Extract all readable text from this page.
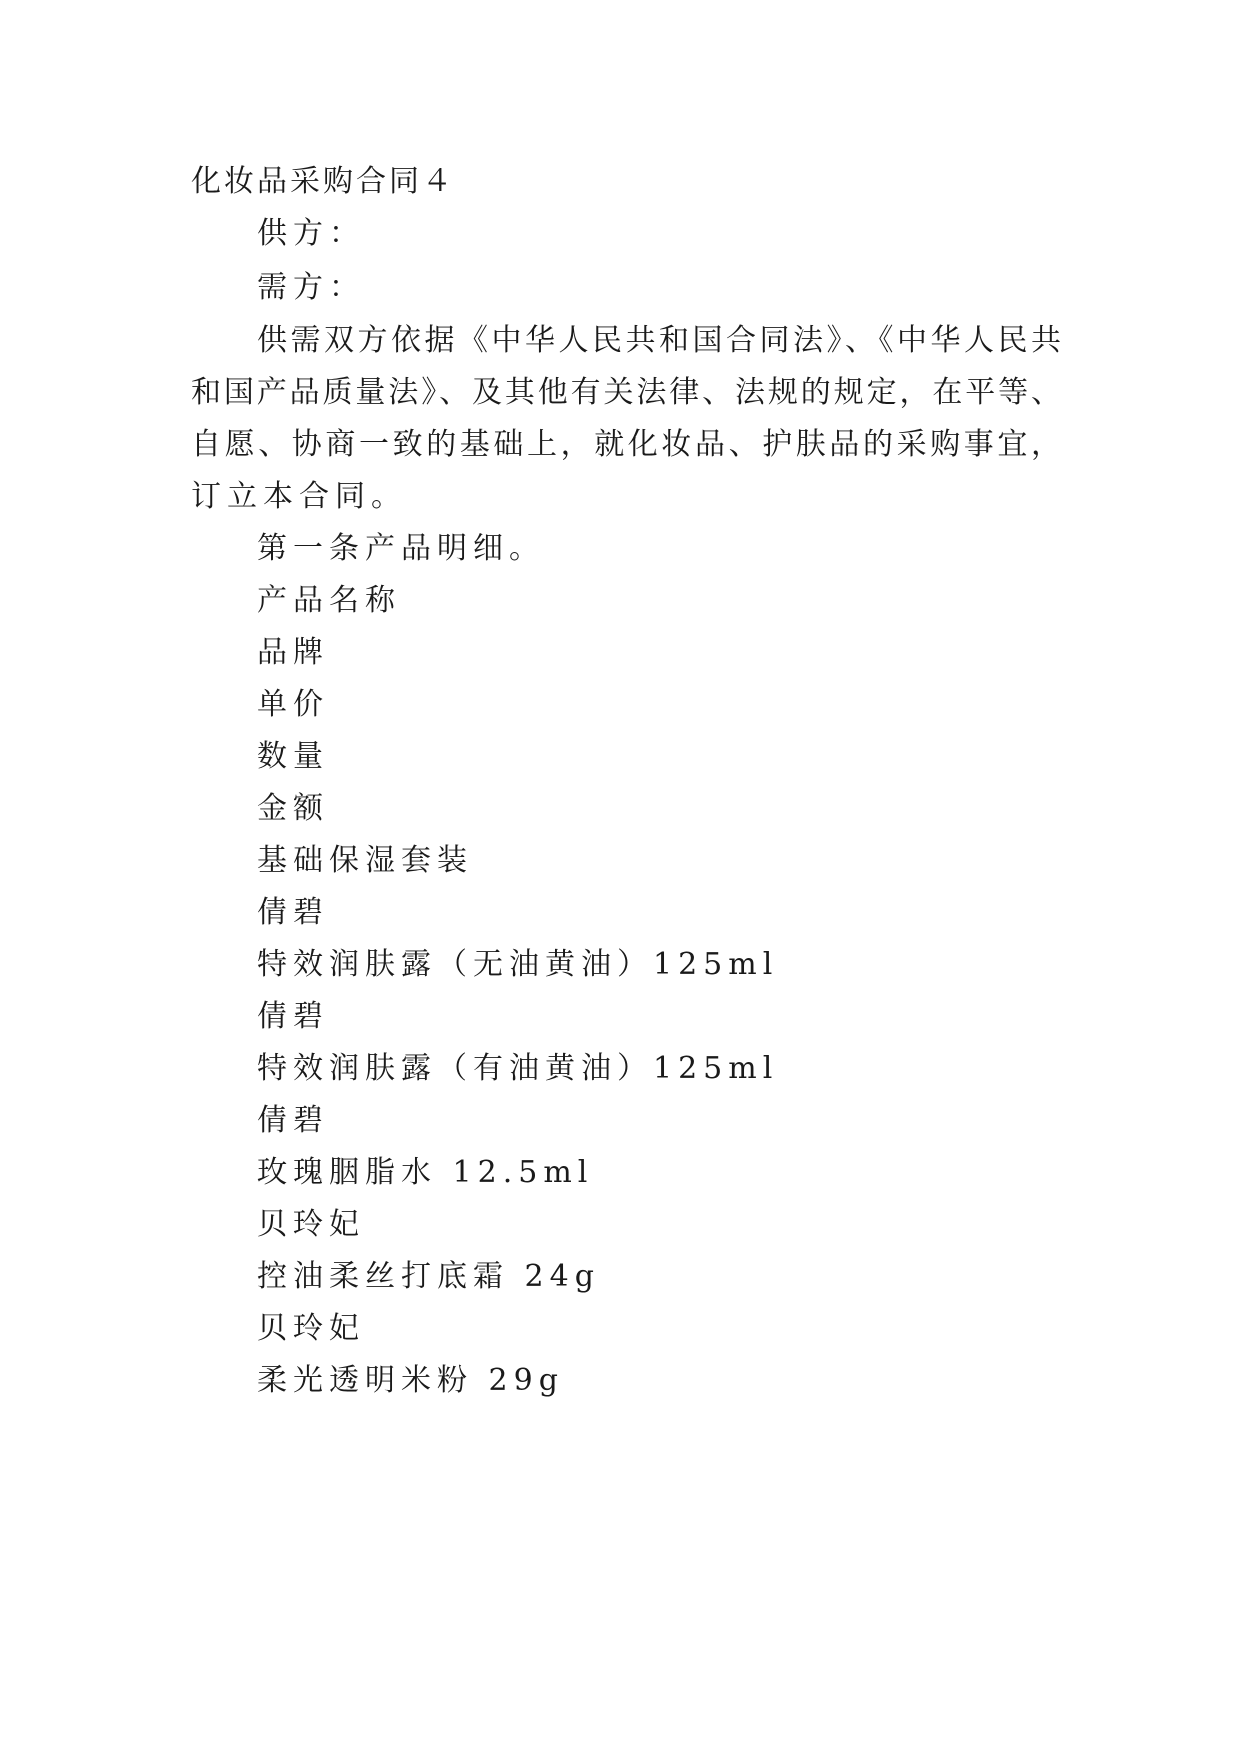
化妆品采购合同４
供方：
需方：
供需双方依据《中华人民共和国合同法》、《中华人民共
和国产品质量法》、及其他有关法律、法规的规定，在平等、
自愿、协商一致的基础上，就化妆品、护肤品的采购事宜，
订立本合同。
第一条产品明细。
产品名称
品牌
单价
数量
金额
基础保湿套装
倩碧
特效润肤露（无油黄油）125ml
倩碧
特效润肤露（有油黄油）125ml
倩碧
玫瑰胭脂水 12.5ml
贝玲妃
控油柔丝打底霜 24g
贝玲妃
柔光透明米粉 29g
